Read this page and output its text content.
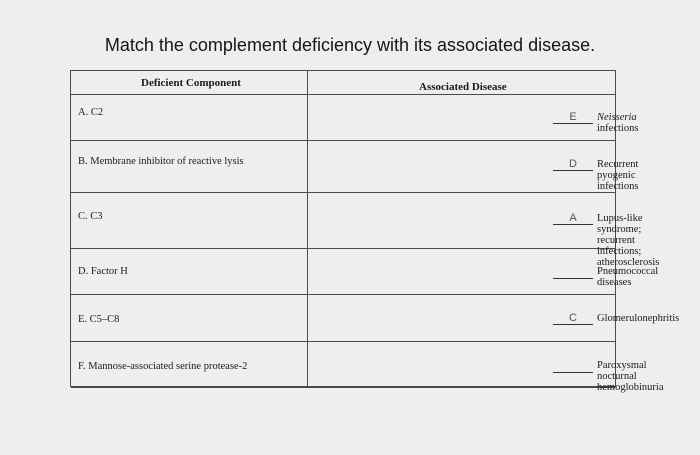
Match the complement deficiency with its associated disease.
Deficient Component	Associated Disease
A. C2	E	Neisseria infections
B. Membrane inhibitor of reactive lysis	D	Recurrent pyogenic infections
C. C3	A	Lupus-like syndrome; recurrent infections; atherosclerosis
D. Factor H	Pneumococcal diseases
E. C5–C8	C	Glomerulonephritis
F. Mannose-associated serine protease-2	Paroxysmal nocturnal hemoglobinuria
